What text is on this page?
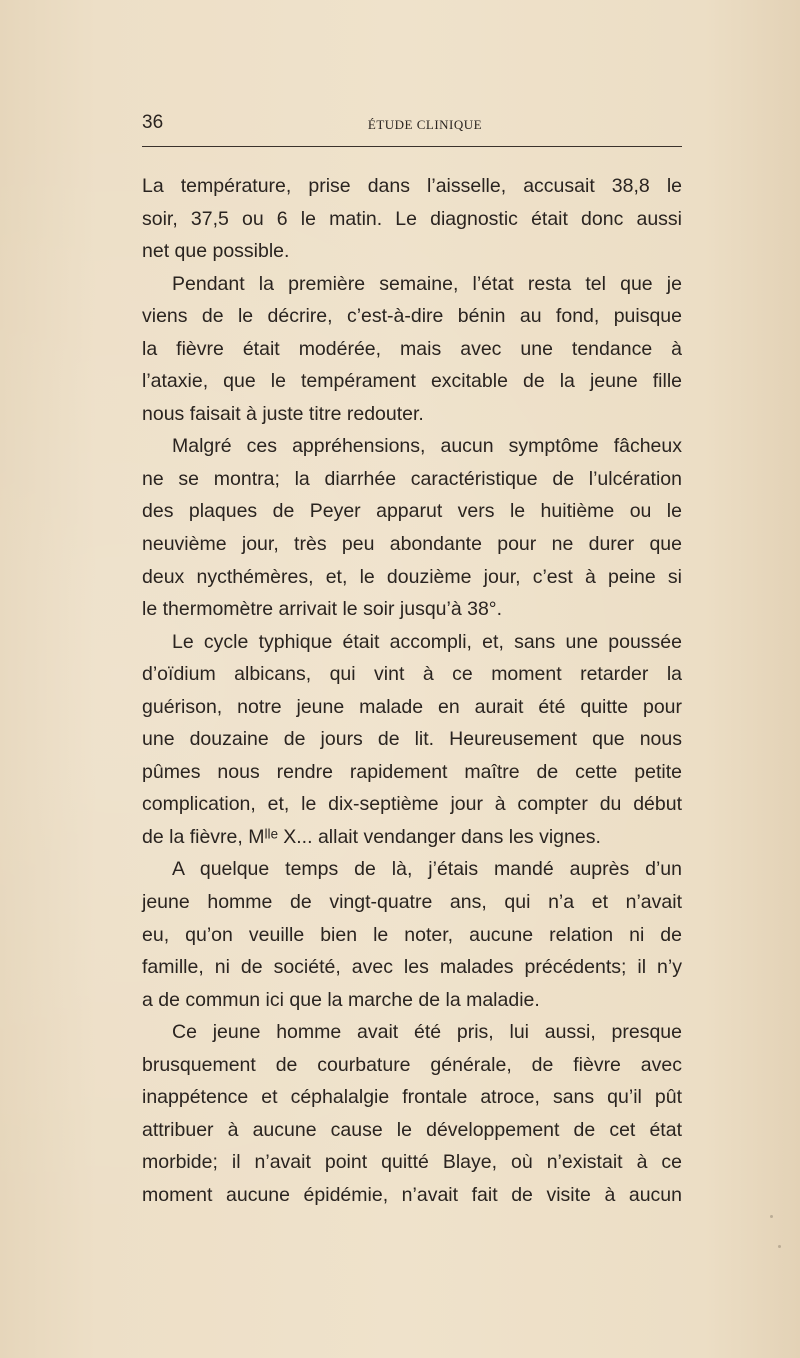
36	ÉTUDE CLINIQUE
La température, prise dans l’aisselle, accusait 38,8 le
soir, 37,5 ou 6 le matin. Le diagnostic était donc aussi
net que possible.
Pendant la première semaine, l’état resta tel que je
viens de le décrire, c’est-à-dire bénin au fond, puisque
la fièvre était modérée, mais avec une tendance à
l’ataxie, que le tempérament excitable de la jeune fille
nous faisait à juste titre redouter.
Malgré ces appréhensions, aucun symptôme fâcheux
ne se montra; la diarrhée caractéristique de l’ulcération
des plaques de Peyer apparut vers le huitième ou le
neuvième jour, très peu abondante pour ne durer que
deux nycthémères, et, le douzième jour, c’est à peine si
le thermomètre arrivait le soir jusqu’à 38°.
Le cycle typhique était accompli, et, sans une poussée
d’oïdium albicans, qui vint à ce moment retarder la
guérison, notre jeune malade en aurait été quitte pour
une douzaine de jours de lit. Heureusement que nous
pûmes nous rendre rapidement maître de cette petite
complication, et, le dix-septième jour à compter du début
de la fièvre, Mˡˡᵉ X... allait vendanger dans les vignes.
A quelque temps de là, j’étais mandé auprès d’un
jeune homme de vingt-quatre ans, qui n’a et n’avait
eu, qu’on veuille bien le noter, aucune relation ni de
famille, ni de société, avec les malades précédents; il n’y
a de commun ici que la marche de la maladie.
Ce jeune homme avait été pris, lui aussi, presque
brusquement de courbature générale, de fièvre avec
inappétence et céphalalgie frontale atroce, sans qu’il pût
attribuer à aucune cause le développement de cet état
morbide; il n’avait point quitté Blaye, où n’existait à ce
moment aucune épidémie, n’avait fait de visite à aucun
